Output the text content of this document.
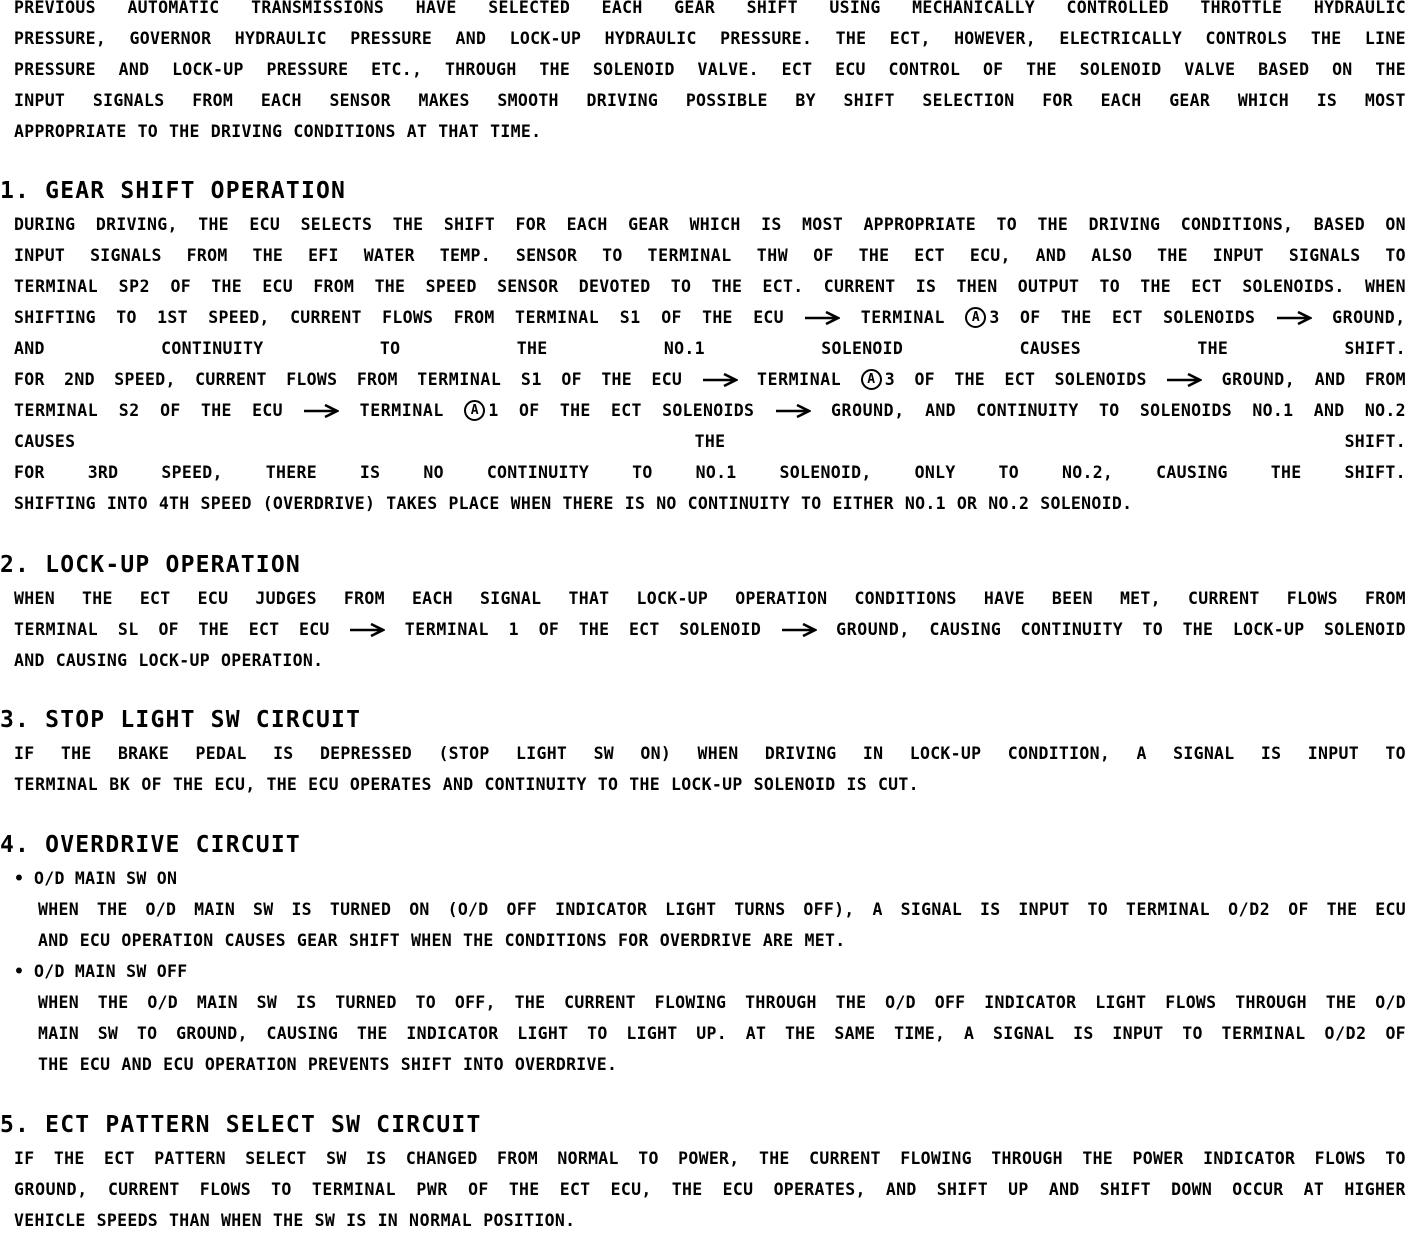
PREVIOUS AUTOMATIC TRANSMISSIONS HAVE SELECTED EACH GEAR SHIFT USING MECHANICALLY CONTROLLED THROTTLE HYDRAULIC
PRESSURE, GOVERNOR HYDRAULIC PRESSURE AND LOCK-UP HYDRAULIC PRESSURE. THE ECT, HOWEVER, ELECTRICALLY CONTROLS THE LINE
PRESSURE AND LOCK-UP PRESSURE ETC., THROUGH THE SOLENOID VALVE. ECT ECU CONTROL OF THE SOLENOID VALVE BASED ON THE
INPUT SIGNALS FROM EACH SENSOR MAKES SMOOTH DRIVING POSSIBLE BY SHIFT SELECTION FOR EACH GEAR WHICH IS MOST
APPROPRIATE TO THE DRIVING CONDITIONS AT THAT TIME.
1. GEAR SHIFT OPERATION
DURING DRIVING, THE ECU SELECTS THE SHIFT FOR EACH GEAR WHICH IS MOST APPROPRIATE TO THE DRIVING CONDITIONS, BASED ON
INPUT SIGNALS FROM THE EFI WATER TEMP. SENSOR TO TERMINAL THW OF THE ECT ECU, AND ALSO THE INPUT SIGNALS TO
TERMINAL SP2 OF THE ECU FROM THE SPEED SENSOR DEVOTED TO THE ECT. CURRENT IS THEN OUTPUT TO THE ECT SOLENOIDS. WHEN
SHIFTING TO 1ST SPEED, CURRENT FLOWS FROM TERMINAL S1 OF THE ECU	TERMINAL	A 3 OF THE ECT SOLENOIDS	GROUND,
AND	CONTINUITY	TO	THE	NO.1	SOLENOID	CAUSES	THE	SHIFT.
FOR 2ND SPEED, CURRENT FLOWS FROM TERMINAL S1 OF THE ECU	TERMINAL	A 3 OF THE ECT SOLENOIDS	GROUND, AND FROM
TERMINAL S2 OF THE ECU	TERMINAL	A 1 OF THE ECT SOLENOIDS	GROUND, AND CONTINUITY TO SOLENOIDS NO.1 AND NO.2
CAUSES	THE	SHIFT.
FOR	3RD	SPEED,	THERE	IS	NO	CONTINUITY	TO	NO.1	SOLENOID,	ONLY	TO	NO.2,	CAUSING	THE	SHIFT.
SHIFTING INTO 4TH SPEED (OVERDRIVE) TAKES PLACE WHEN THERE IS NO CONTINUITY TO EITHER NO.1 OR NO.2 SOLENOID.
2. LOCK-UP OPERATION
WHEN THE ECT ECU JUDGES FROM EACH SIGNAL THAT LOCK-UP OPERATION CONDITIONS HAVE BEEN MET, CURRENT FLOWS FROM
TERMINAL SL OF THE ECT ECU	TERMINAL 1 OF THE ECT SOLENOID	GROUND, CAUSING CONTINUITY TO THE LOCK-UP SOLENOID
AND CAUSING LOCK-UP OPERATION.
3. STOP LIGHT SW CIRCUIT
IF THE BRAKE PEDAL IS DEPRESSED (STOP LIGHT SW ON) WHEN DRIVING IN LOCK-UP CONDITION, A SIGNAL IS INPUT TO
TERMINAL BK OF THE ECU, THE ECU OPERATES AND CONTINUITY TO THE LOCK-UP SOLENOID IS CUT.
4. OVERDRIVE CIRCUIT
• O/D MAIN SW ON
WHEN THE O/D MAIN SW IS TURNED ON (O/D OFF INDICATOR LIGHT TURNS OFF), A SIGNAL IS INPUT TO TERMINAL O/D2 OF THE ECU
AND ECU OPERATION CAUSES GEAR SHIFT WHEN THE CONDITIONS FOR OVERDRIVE ARE MET.
• O/D MAIN SW OFF
WHEN THE O/D MAIN SW IS TURNED TO OFF, THE CURRENT FLOWING THROUGH THE O/D OFF INDICATOR LIGHT FLOWS THROUGH THE O/D
MAIN SW TO GROUND, CAUSING THE INDICATOR LIGHT TO LIGHT UP. AT THE SAME TIME, A SIGNAL IS INPUT TO TERMINAL O/D2 OF
THE ECU AND ECU OPERATION PREVENTS SHIFT INTO OVERDRIVE.
5. ECT PATTERN SELECT SW CIRCUIT
IF THE ECT PATTERN SELECT SW IS CHANGED FROM NORMAL TO POWER, THE CURRENT FLOWING THROUGH THE POWER INDICATOR FLOWS TO
GROUND, CURRENT FLOWS TO TERMINAL PWR OF THE ECT ECU, THE ECU OPERATES, AND SHIFT UP AND SHIFT DOWN OCCUR AT HIGHER
VEHICLE SPEEDS THAN WHEN THE SW IS IN NORMAL POSITION.
